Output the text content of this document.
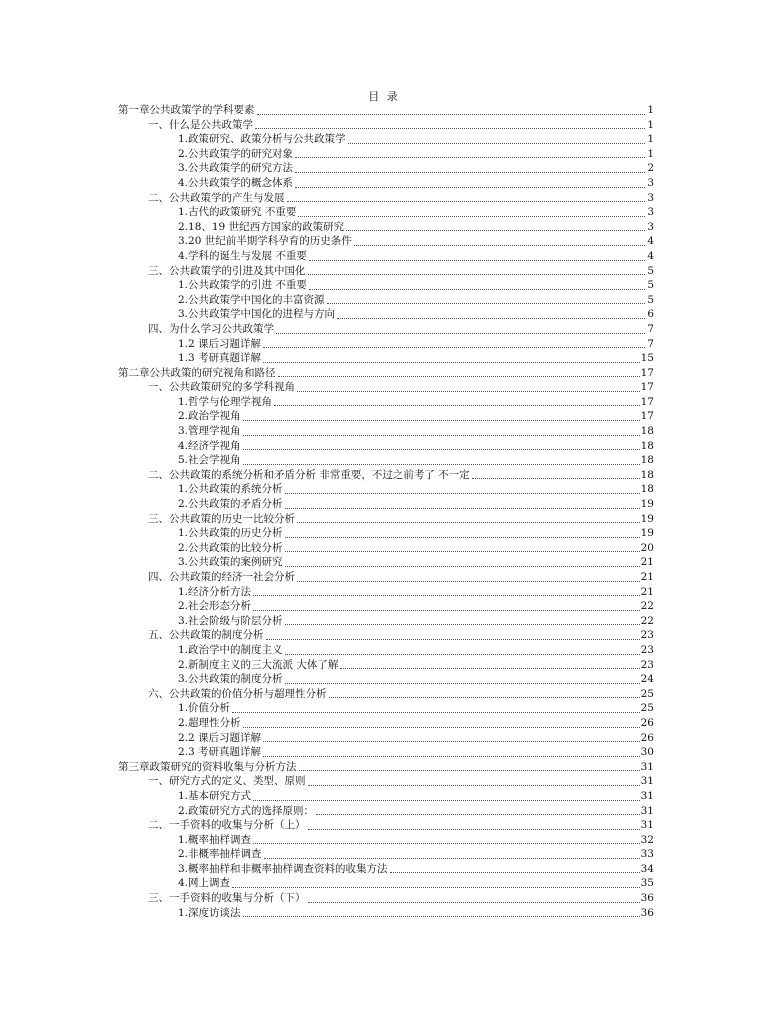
目 录
第一章公共政策学的学科要素	1
一、什么是公共政策学	1
1.政策研究、政策分析与公共政策学	1
2.公共政策学的研究对象	1
3.公共政策学的研究方法	2
4.公共政策学的概念体系	3
二、公共政策学的产生与发展	3
1.古代的政策研究 不重要	3
2.18、19 世纪西方国家的政策研究	3
3.20 世纪前半期学科孕育的历史条件	4
4.学科的诞生与发展 不重要	4
三、公共政策学的引进及其中国化	5
1.公共政策学的引进 不重要	5
2.公共政策学中国化的丰富资源	5
3.公共政策学中国化的进程与方向	6
四、为什么学习公共政策学	7
1.2 课后习题详解	7
1.3 考研真题详解	15
第二章公共政策的研究视角和路径	17
一、公共政策研究的多学科视角	17
1.哲学与伦理学视角	17
2.政治学视角	17
3.管理学视角	18
4.经济学视角	18
5.社会学视角	18
二、公共政策的系统分析和矛盾分析 非常重要，不过之前考了 不一定	18
1.公共政策的系统分析	18
2.公共政策的矛盾分析	19
三、公共政策的历史一比较分析	19
1.公共政策的历史分析	19
2.公共政策的比较分析	20
3.公共政策的案例研究	21
四、公共政策的经济一社会分析	21
1.经济分析方法	21
2.社会形态分析	22
3.社会阶级与阶层分析	22
五、公共政策的制度分析	23
1.政治学中的制度主义	23
2.新制度主义的三大流派 大体了解	23
3.公共政策的制度分析	24
六、公共政策的价值分析与超理性分析	25
1.价值分析	25
2.超理性分析	26
2.2 课后习题详解	26
2.3 考研真题详解	30
第三章政策研究的资料收集与分析方法	31
一、研究方式的定义、类型、原则	31
1.基本研究方式	31
2.政策研究方式的选择原则：	31
二、一手资料的收集与分析（上）	31
1.概率抽样调查	32
2.非概率抽样调查	33
3.概率抽样和非概率抽样调查资料的收集方法	34
4.网上调查	35
三、一手资料的收集与分析（下）	36
1.深度访谈法	36
